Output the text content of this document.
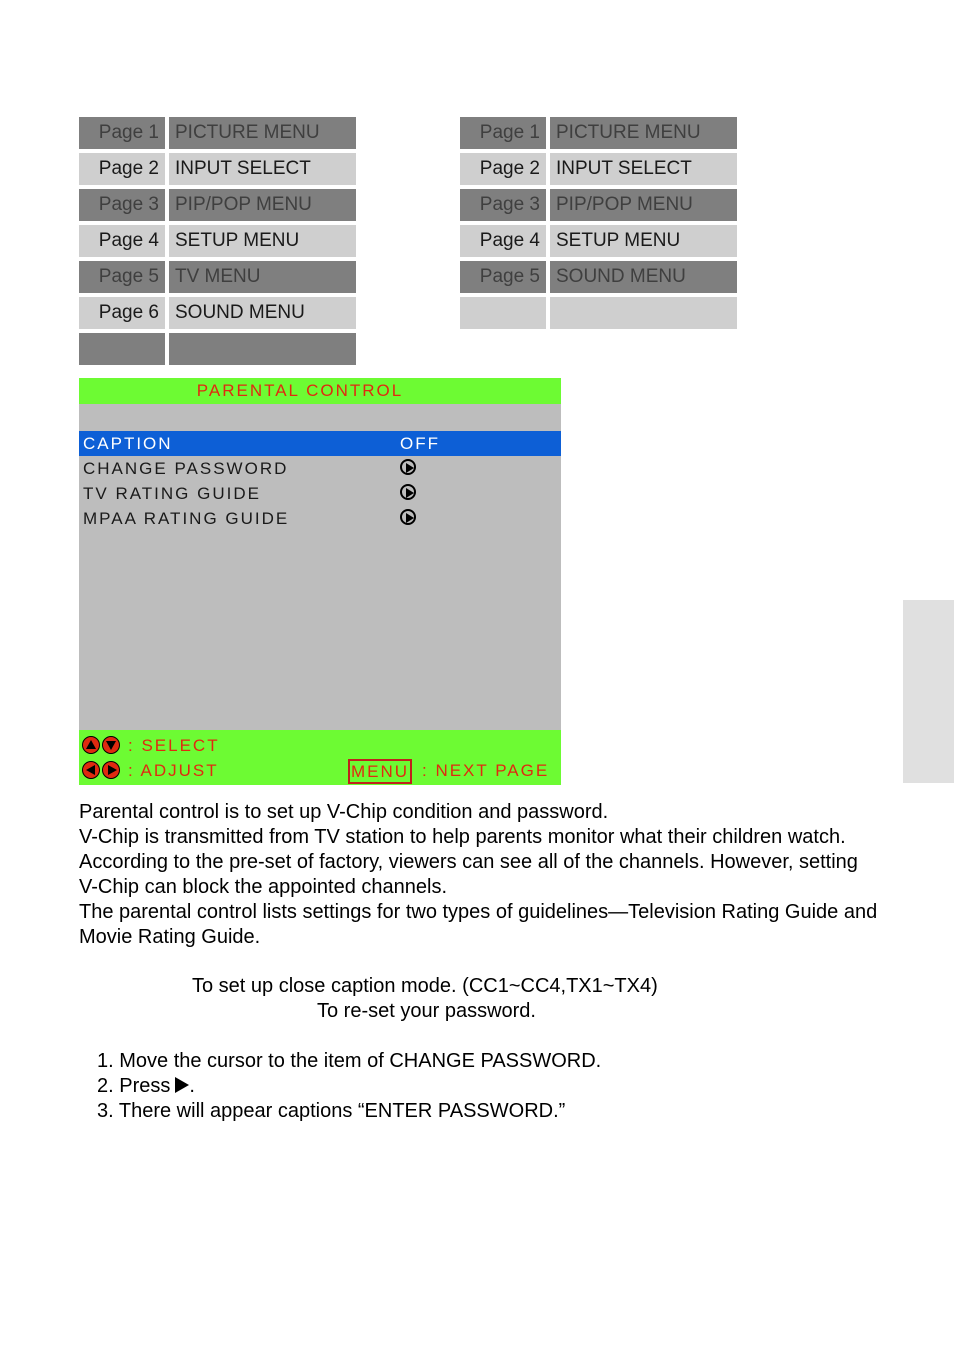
Page 1 PICTURE MENU
Page 2 INPUT SELECT
Page 3 PIP/POP MENU
Page 4 SETUP MENU
Page 5 TV MENU
Page 6 SOUND MENU
Page 1 PICTURE MENU
Page 2 INPUT SELECT
Page 3 PIP/POP MENU
Page 4 SETUP MENU
Page 5 SOUND MENU
PARENTAL CONTROL
CAPTION	OFF
CHANGE PASSWORD
TV RATING GUIDE
MPAA RATING GUIDE
: SELECT
: ADJUST	MENU : NEXT PAGE

Parental control is to set up V-Chip condition and password.

V-Chip is transmitted from TV station to help parents monitor what their children watch. According to the pre-set of factory, viewers can see all of the channels. However, setting V-Chip can block the appointed channels.

The parental control lists settings for two types of guidelines—Television Rating Guide and Movie Rating Guide.

To set up close caption mode. (CC1~CC4,TX1~TX4)
To re-set your password.
1. Move the cursor to the item of CHANGE PASSWORD.
2. Press .
3. There will appear captions “ENTER PASSWORD.”
